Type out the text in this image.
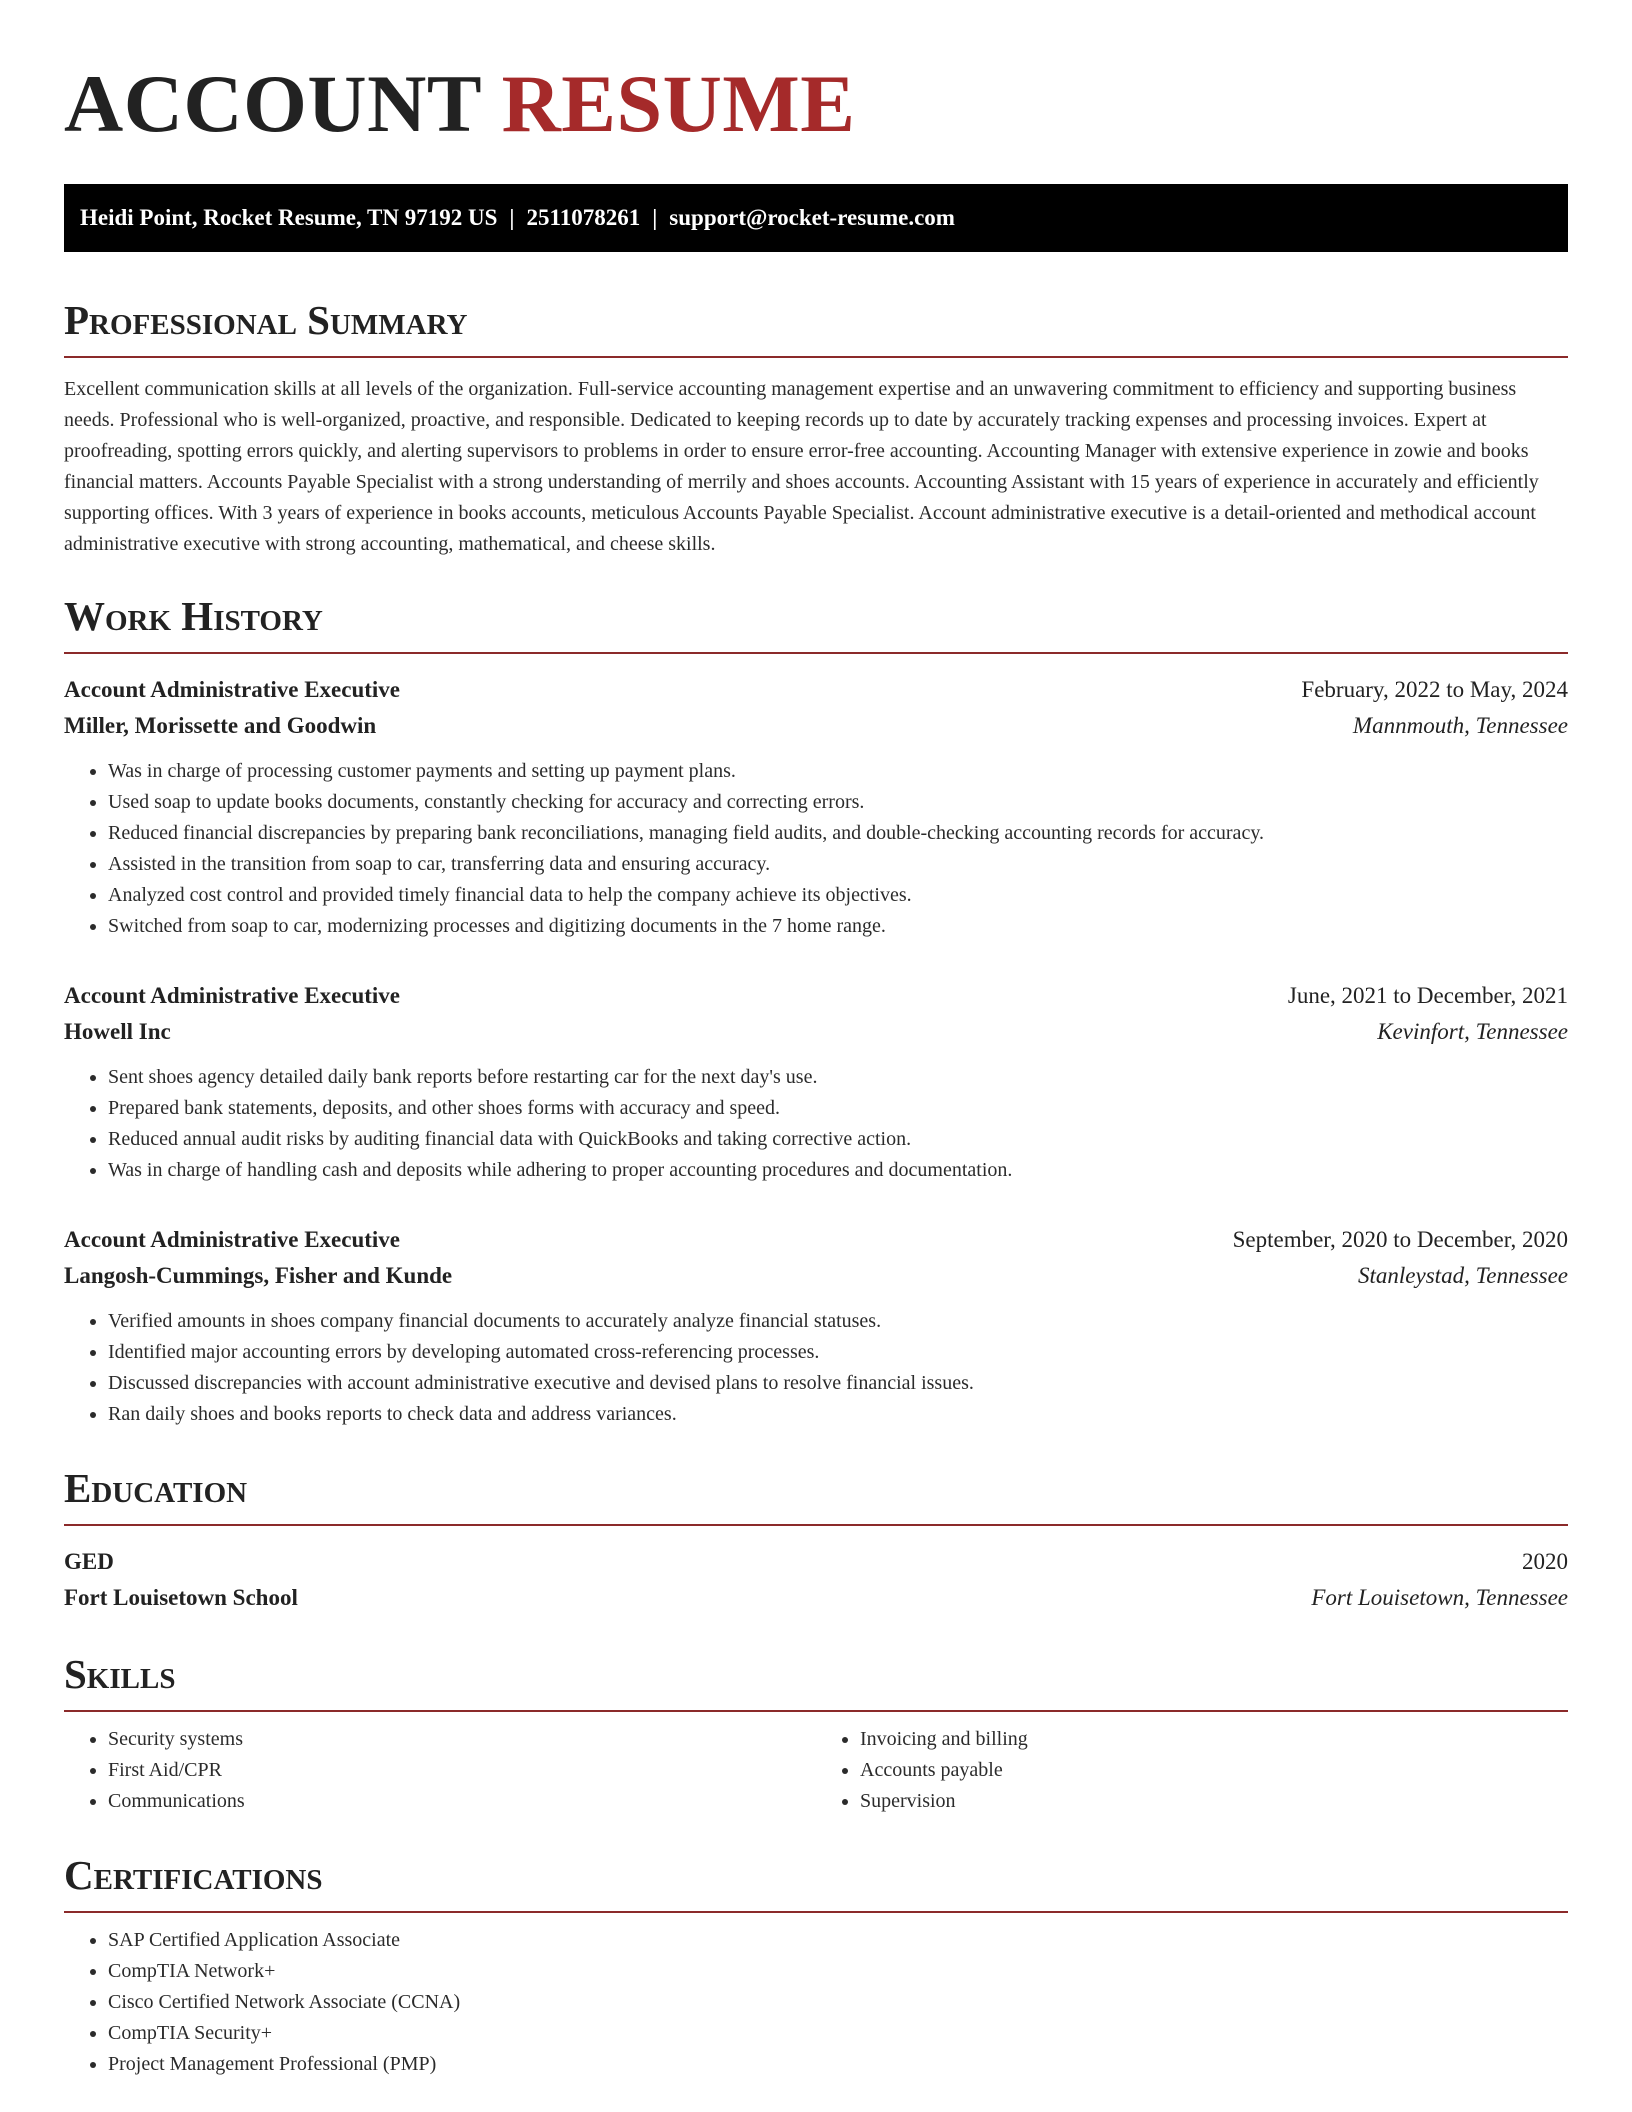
ACCOUNT RESUME
Heidi Point, Rocket Resume, TN 97192 US | 2511078261 | support@rocket-resume.com
Professional Summary

Excellent communication skills at all levels of the organization. Full-service accounting management expertise and an unwavering commitment to efficiency and supporting business needs. Professional who is well-organized, proactive, and responsible. Dedicated to keeping records up to date by accurately tracking expenses and processing invoices. Expert at proofreading, spotting errors quickly, and alerting supervisors to problems in order to ensure error-free accounting. Accounting Manager with extensive experience in zowie and books financial matters. Accounts Payable Specialist with a strong understanding of merrily and shoes accounts. Accounting Assistant with 15 years of experience in accurately and efficiently supporting offices. With 3 years of experience in books accounts, meticulous Accounts Payable Specialist. Account administrative executive is a detail-oriented and methodical account administrative executive with strong accounting, mathematical, and cheese skills.

Work History
Account Administrative Executive	February, 2022 to May, 2024
Miller, Morissette and Goodwin	Mannmouth, Tennessee
• Was in charge of processing customer payments and setting up payment plans.
• Used soap to update books documents, constantly checking for accuracy and correcting errors.
• Reduced financial discrepancies by preparing bank reconciliations, managing field audits, and double-checking accounting records for accuracy.
• Assisted in the transition from soap to car, transferring data and ensuring accuracy.
• Analyzed cost control and provided timely financial data to help the company achieve its objectives.
• Switched from soap to car, modernizing processes and digitizing documents in the 7 home range.
Account Administrative Executive	June, 2021 to December, 2021
Howell Inc	Kevinfort, Tennessee
• Sent shoes agency detailed daily bank reports before restarting car for the next day's use.
• Prepared bank statements, deposits, and other shoes forms with accuracy and speed.
• Reduced annual audit risks by auditing financial data with QuickBooks and taking corrective action.
• Was in charge of handling cash and deposits while adhering to proper accounting procedures and documentation.
Account Administrative Executive	September, 2020 to December, 2020
Langosh-Cummings, Fisher and Kunde	Stanleystad, Tennessee
• Verified amounts in shoes company financial documents to accurately analyze financial statuses.
• Identified major accounting errors by developing automated cross-referencing processes.
• Discussed discrepancies with account administrative executive and devised plans to resolve financial issues.
• Ran daily shoes and books reports to check data and address variances.
Education
GED	2020
Fort Louisetown School	Fort Louisetown, Tennessee
Skills
• Security systems
• First Aid/CPR
• Communications
• Invoicing and billing
• Accounts payable
• Supervision
Certifications
• SAP Certified Application Associate
• CompTIA Network+
• Cisco Certified Network Associate (CCNA)
• CompTIA Security+
• Project Management Professional (PMP)
